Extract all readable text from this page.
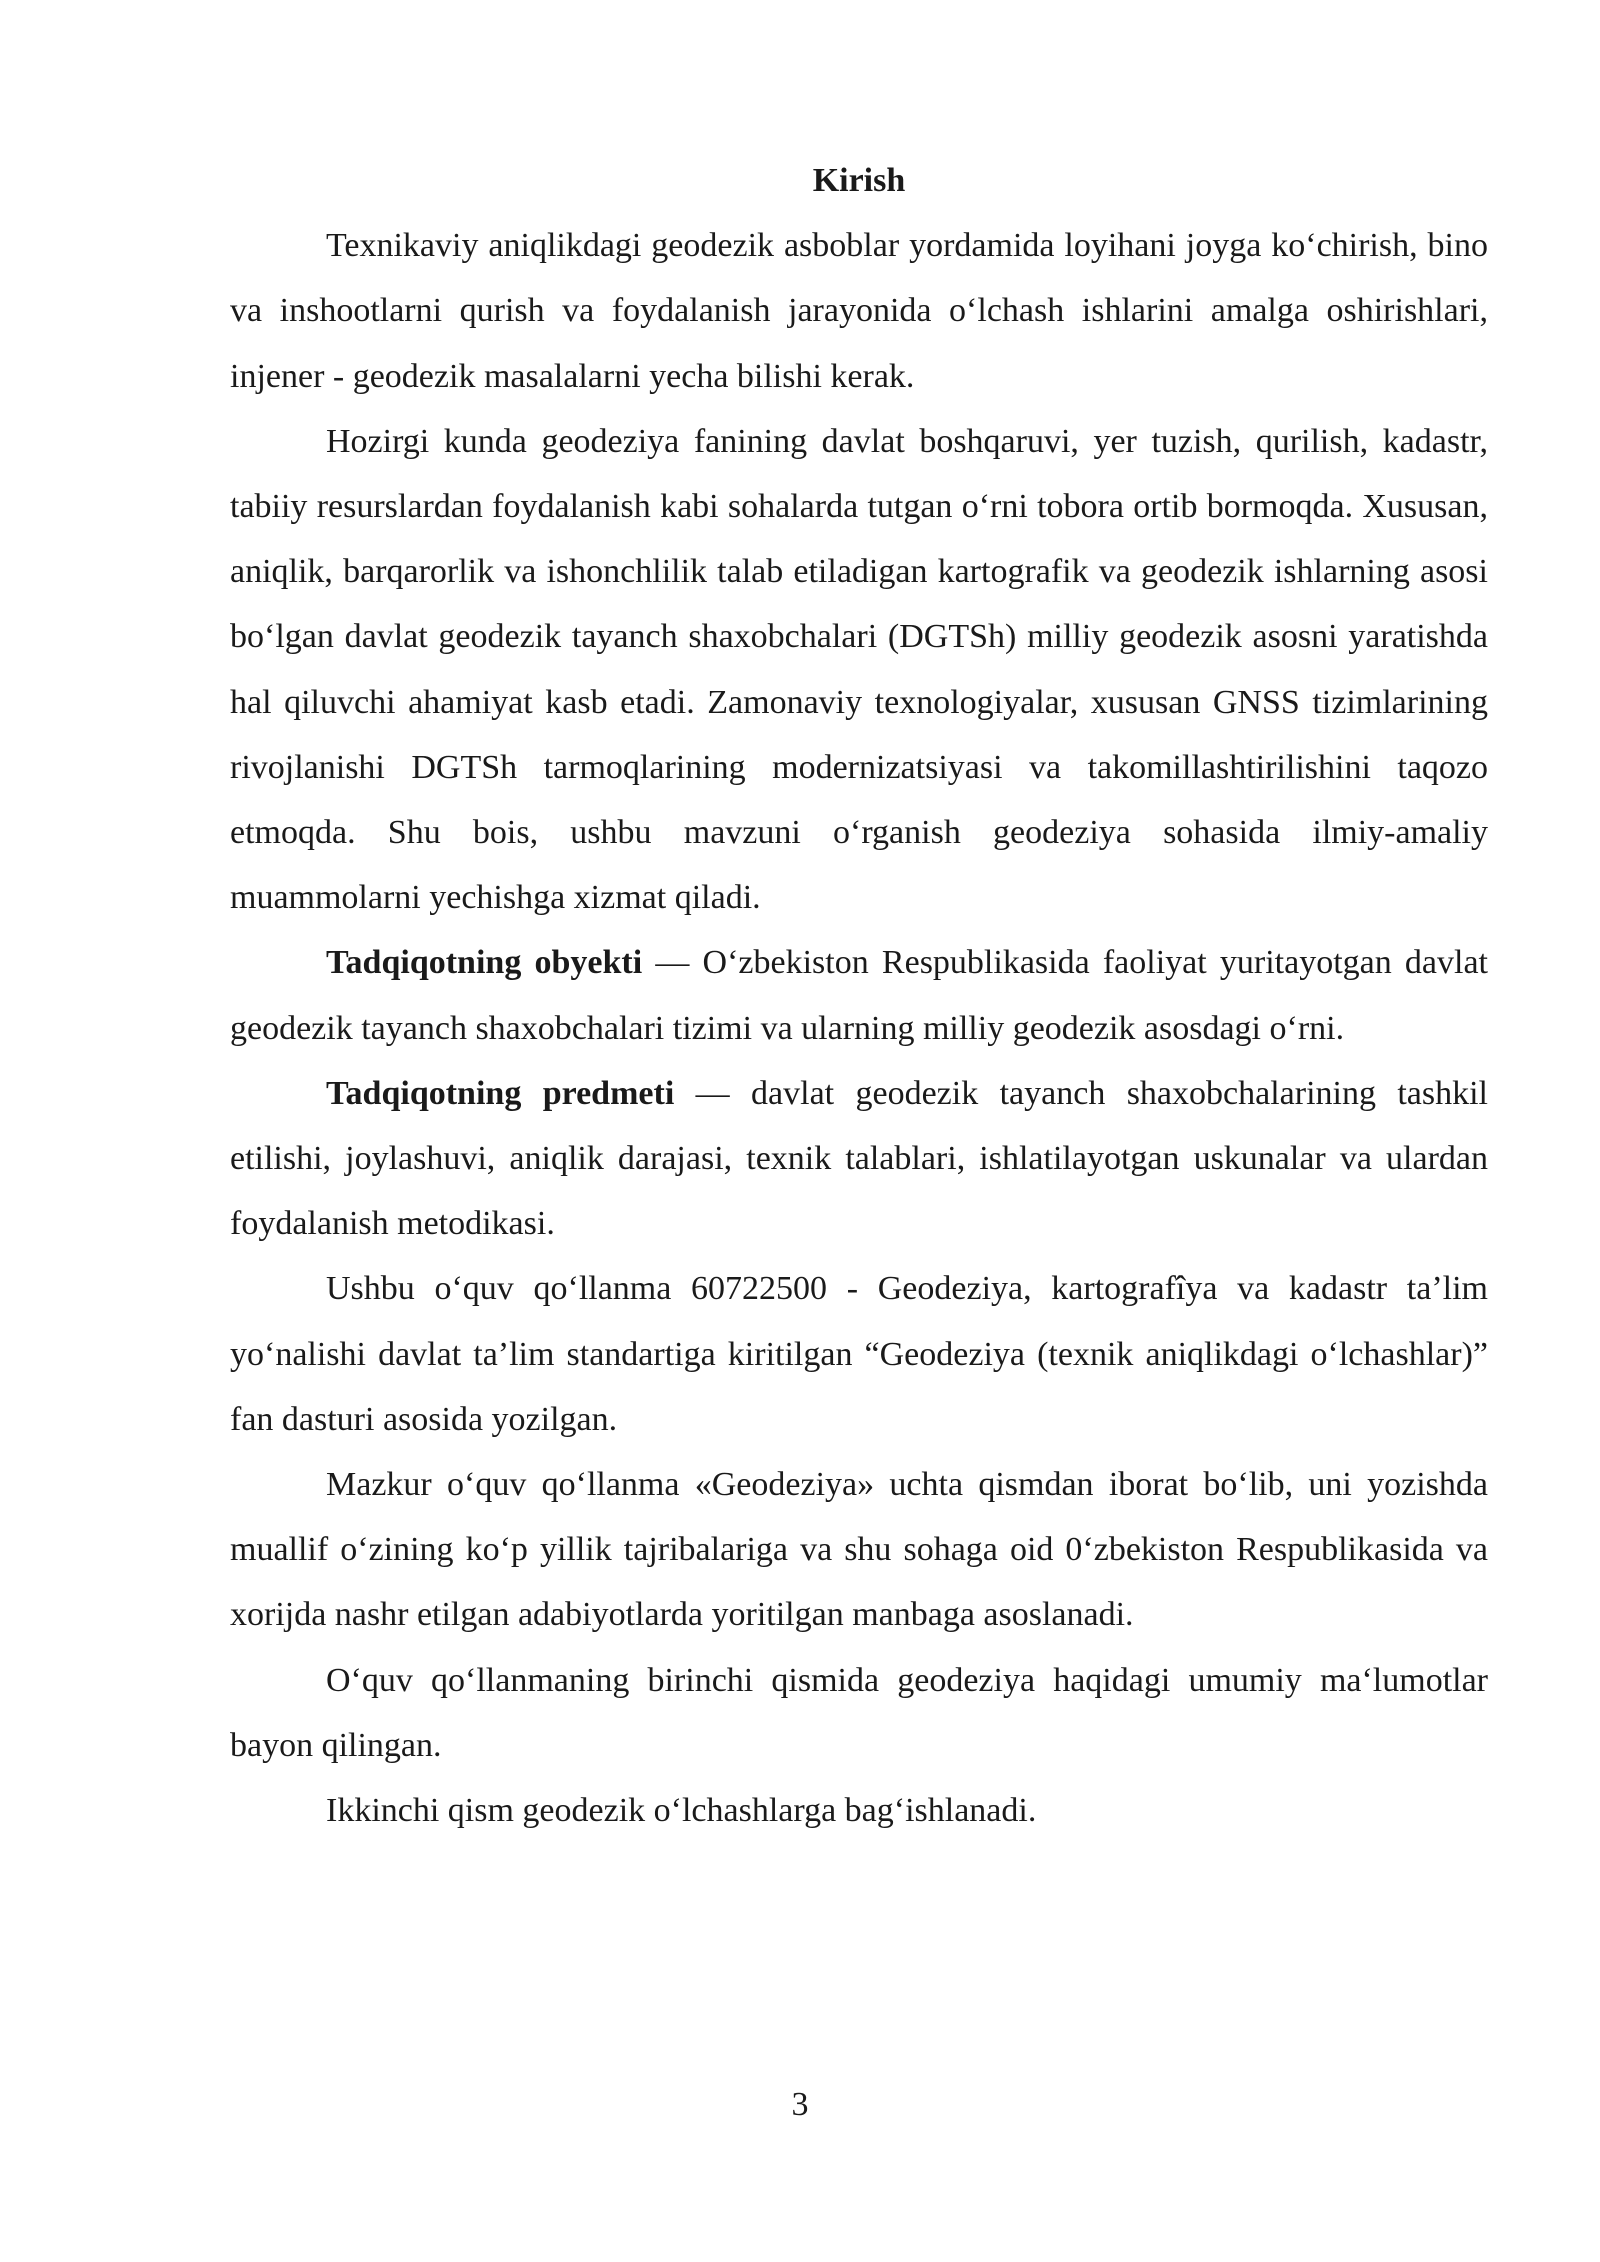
Kirish

Texnikaviy aniqlikdagi geodezik asboblar yordamida loyihani joyga ko‘chirish, bino va inshootlarni qurish va foydalanish jarayonida o‘lchash ishlarini amalga oshirishlari, injener - geodezik masalalarni yecha bilishi kerak.

Hozirgi kunda geodeziya fanining davlat boshqaruvi, yer tuzish, qurilish, kadastr, tabiiy resurslardan foydalanish kabi sohalarda tutgan o‘rni tobora ortib bormoqda. Xususan, aniqlik, barqarorlik va ishonchlilik talab etiladigan kartografik va geodezik ishlarning asosi bo‘lgan davlat geodezik tayanch shaxobchalari (DGTSh) milliy geodezik asosni yaratishda hal qiluvchi ahamiyat kasb etadi. Zamonaviy texnologiyalar, xususan GNSS tizimlarining rivojlanishi DGTSh tarmoqlarining modernizatsiyasi va takomillashtirilishini taqozo etmoqda. Shu bois, ushbu mavzuni o‘rganish geodeziya sohasida ilmiy-amaliy muammolarni yechishga xizmat qiladi.

Tadqiqotning obyekti — O‘zbekiston Respublikasida faoliyat yuritayotgan davlat geodezik tayanch shaxobchalari tizimi va ularning milliy geodezik asosdagi o‘rni.

Tadqiqotning predmeti — davlat geodezik tayanch shaxobchalarining tashkil etilishi, joylashuvi, aniqlik darajasi, texnik talablari, ishlatilayotgan uskunalar va ulardan foydalanish metodikasi.

Ushbu o‘quv qo‘llanma 60722500 - Geodeziya, kartografîya va kadastr ta’lim yo‘nalishi davlat ta’lim standartiga kiritilgan “Geodeziya (texnik aniqlikdagi o‘lchashlar)” fan dasturi asosida yozilgan.

Mazkur o‘quv qo‘llanma «Geodeziya» uchta qismdan iborat bo‘lib, uni yozishda muallif o‘zining ko‘p yillik tajribalariga va shu sohaga oid 0‘zbekiston Respublikasida va xorijda nashr etilgan adabiyotlarda yoritilgan manbaga asoslanadi.

O‘quv qo‘llanmaning birinchi qismida geodeziya haqidagi umumiy ma‘lumotlar bayon qilingan.

Ikkinchi qism geodezik o‘lchashlarga bag‘ishlanadi.

3
